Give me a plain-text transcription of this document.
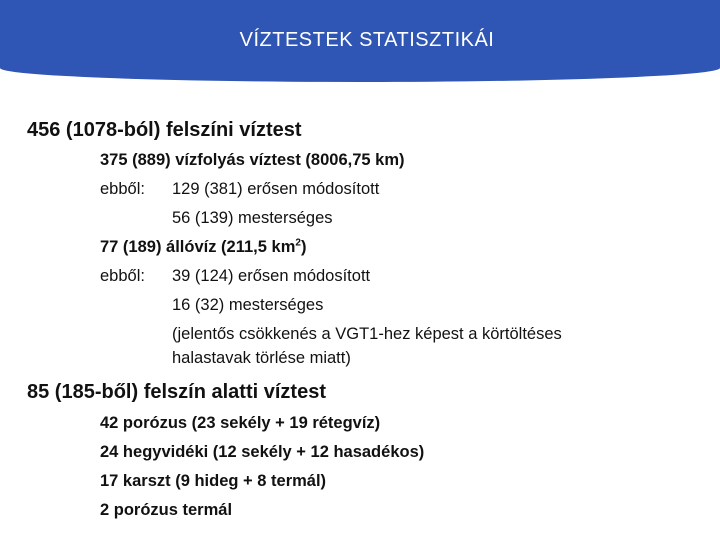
VÍZTESTEK STATISZTIKÁI
456 (1078-ból) felszíni víztest
375 (889) vízfolyás víztest (8006,75 km)
ebből: 129 (381) erősen módosított
56 (139) mesterséges
77 (189) állóvíz (211,5 $km^2$)
ebből: 39 (124) erősen módosított
16 (32) mesterséges
(jelentős csökkenés a VGT1-hez képest a körtöltéses
halastavak törlése miatt)
85 (185-ből) felszín alatti víztest
42 porózus (23 sekély + 19 rétegvíz)
24 hegyvidéki (12 sekély + 12 hasadékos)
17 karszt (9 hideg + 8 termál)
2 porózus termál
